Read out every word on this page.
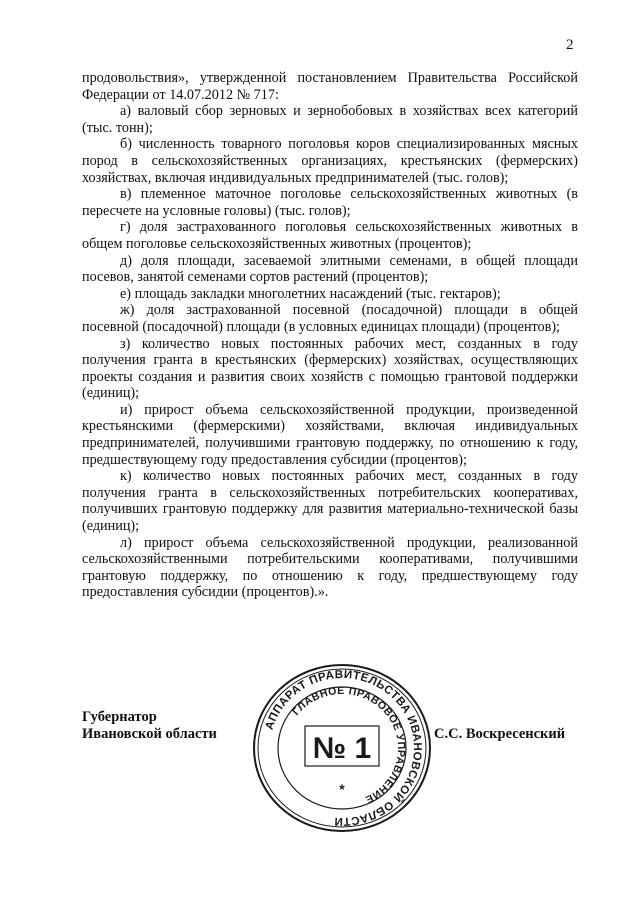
2

продовольствия», утвержденной постановлением Правительства Российской Федерации от 14.07.2012 № 717:

а) валовый сбор зерновых и зернобобовых в хозяйствах всех категорий (тыс. тонн);

б) численность товарного поголовья коров специализированных мясных пород в сельскохозяйственных организациях, крестьянских (фермерских) хозяйствах, включая индивидуальных предпринимателей (тыс. голов);

в) племенное маточное поголовье сельскохозяйственных животных (в пересчете на условные головы) (тыс. голов);

г) доля застрахованного поголовья сельскохозяйственных животных в общем поголовье сельскохозяйственных животных (процентов);

д) доля площади, засеваемой элитными семенами, в общей площади посевов, занятой семенами сортов растений (процентов);

е) площадь закладки многолетних насаждений (тыс. гектаров);

ж) доля застрахованной посевной (посадочной) площади в общей посевной (посадочной) площади (в условных единицах площади) (процентов);

з) количество новых постоянных рабочих мест, созданных в году получения гранта в крестьянских (фермерских) хозяйствах, осуществляющих проекты создания и развития своих хозяйств с помощью грантовой поддержки (единиц);

и) прирост объема сельскохозяйственной продукции, произведенной крестьянскими (фермерскими) хозяйствами, включая индивидуальных предпринимателей, получившими грантовую поддержку, по отношению к году, предшествующему году предоставления субсидии (процентов);

к) количество новых постоянных рабочих мест, созданных в году получения гранта в сельскохозяйственных потребительских кооперативах, получивших грантовую поддержку для развития материально-технической базы (единиц);

л) прирост объема сельскохозяйственной продукции, реализованной сельскохозяйственными потребительскими кооперативами, получившими грантовую поддержку, по отношению к году, предшествующему году предоставления субсидии (процентов).».

Губернатор
Ивановской области	С.С. Воскресенский
АППАРАТ ПРАВИТЕЛЬСТВА ИВАНОВСКОЙ ОБЛАСТИ
ГЛАВНОЕ ПРАВОВОЕ УПРАВЛЕНИЕ
№ 1
*
